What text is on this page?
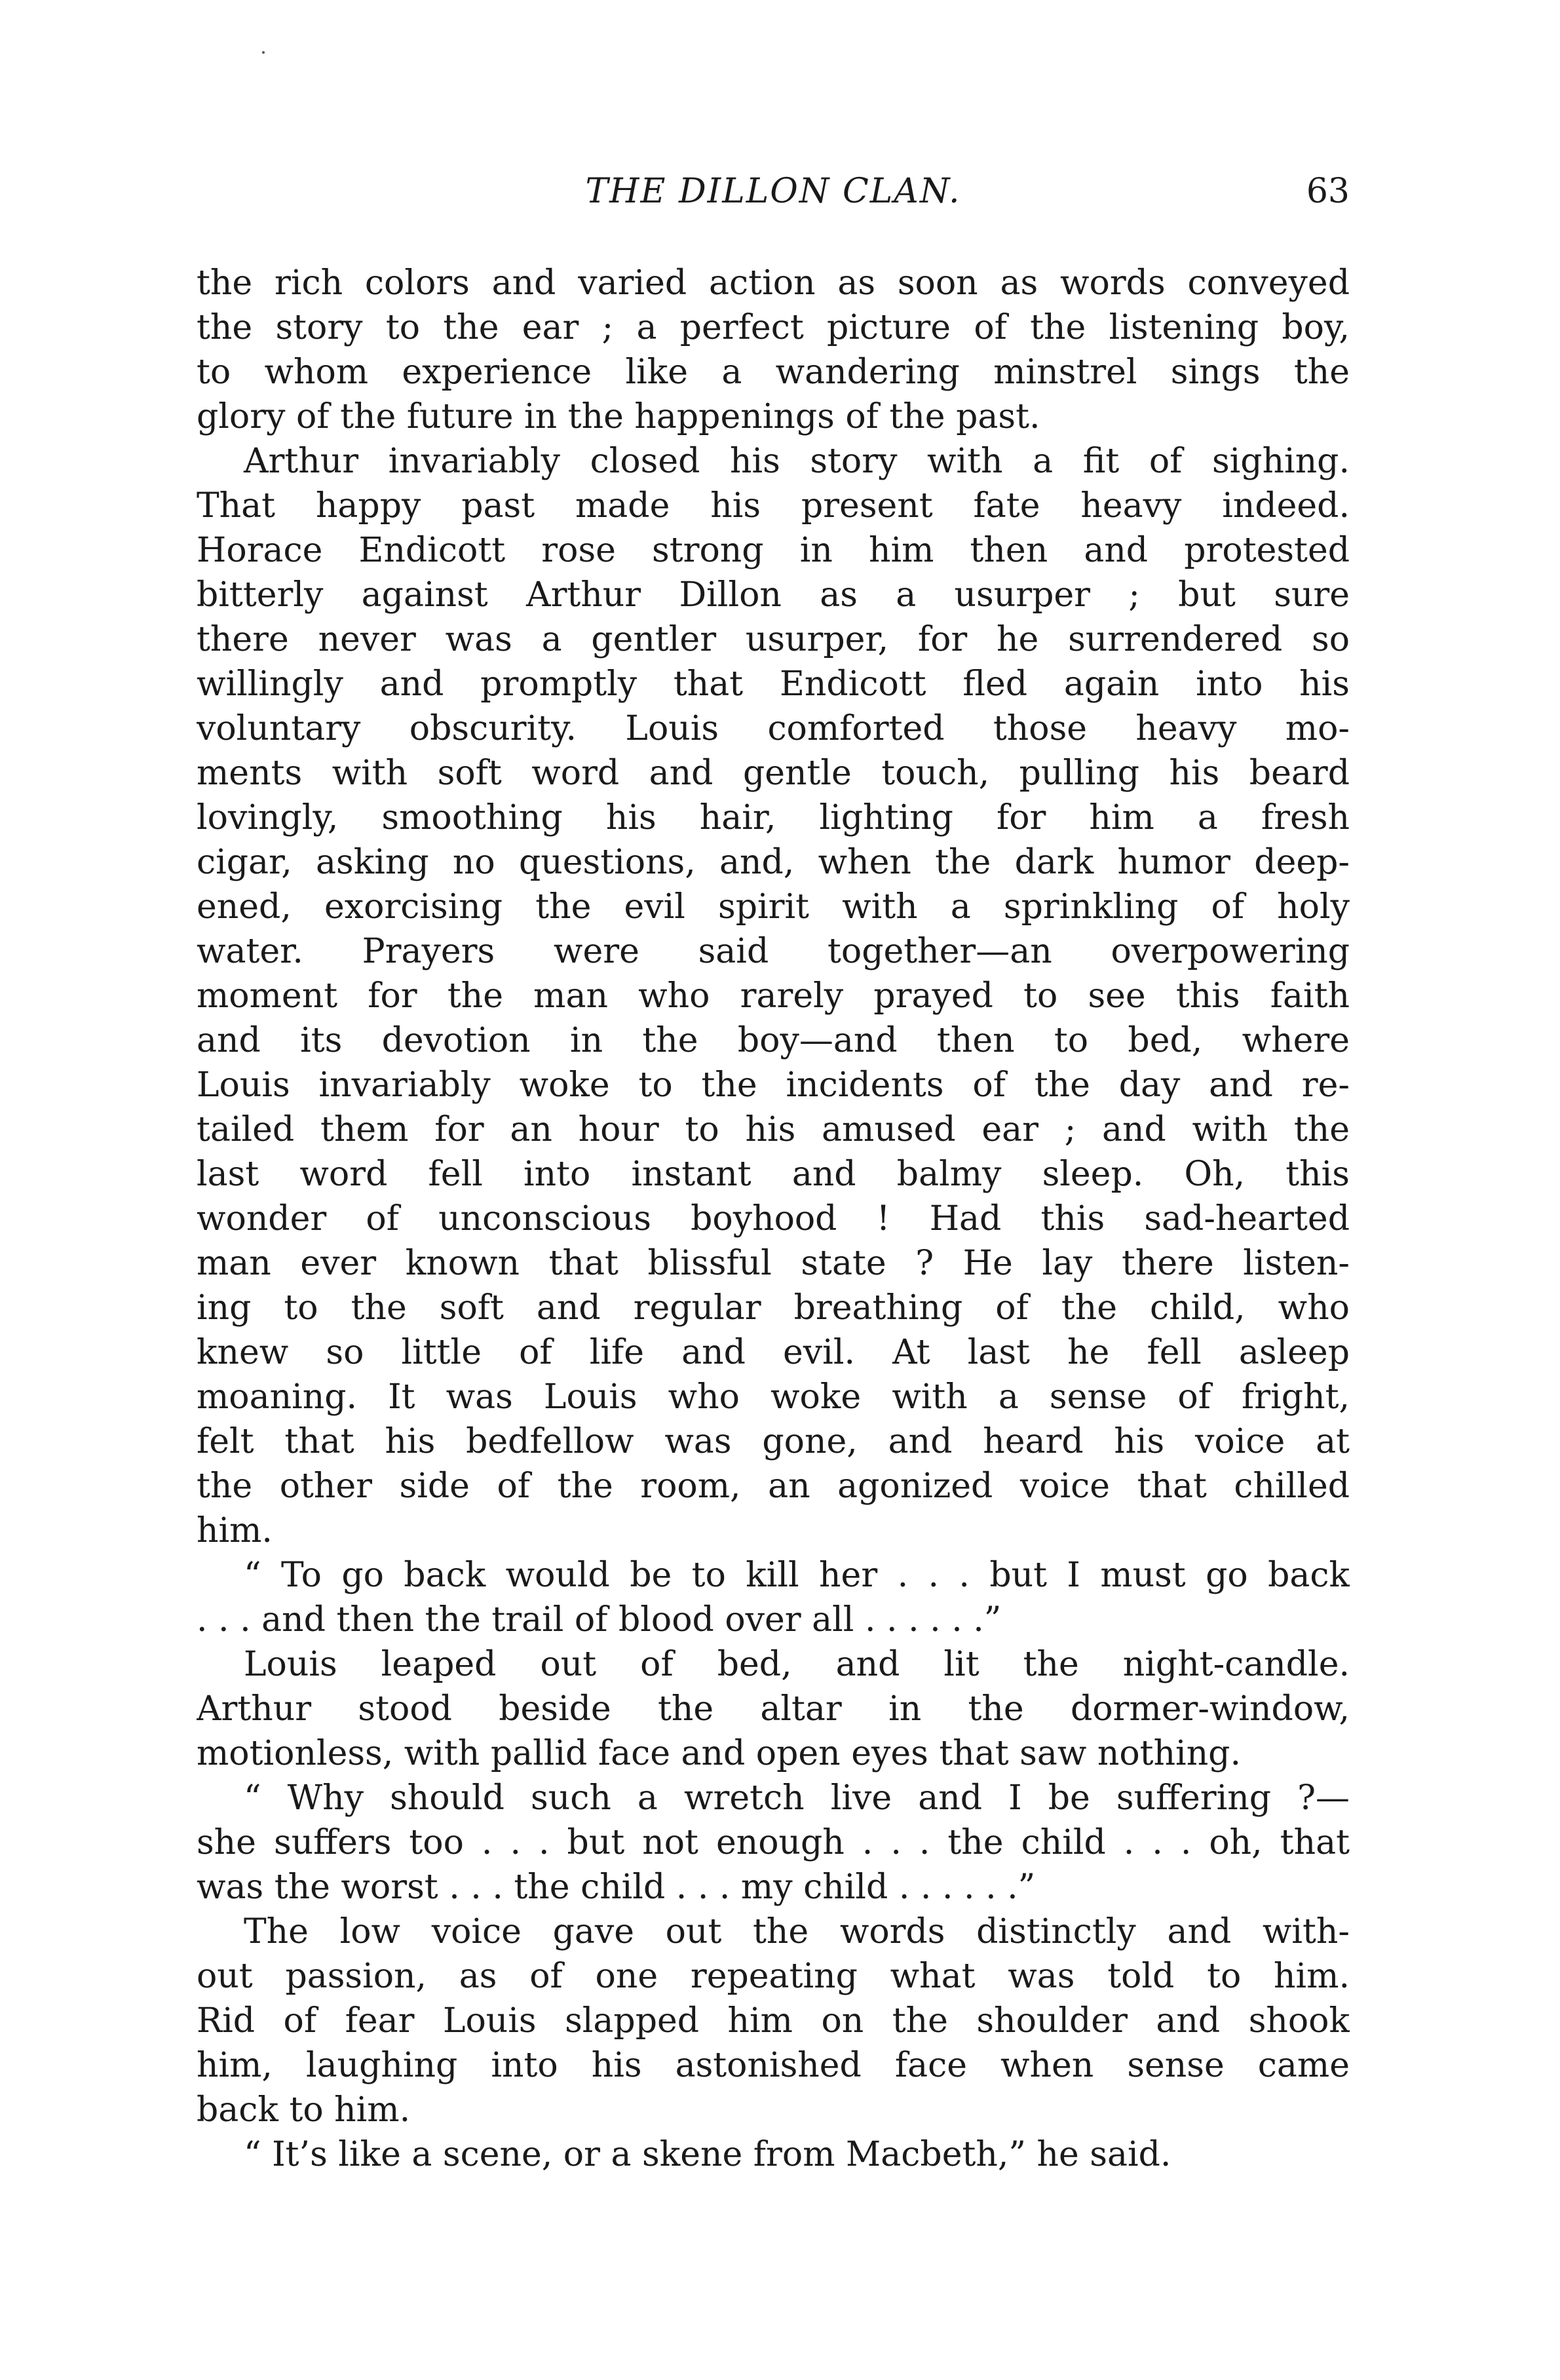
THE DILLON CLAN.	63
the rich colors and varied action as soon as words conveyed
the story to the ear ; a perfect picture of the listening boy,
to whom experience like a wandering minstrel sings the
glory of the future in the happenings of the past.
Arthur invariably closed his story with a fit of sighing.
That happy past made his present fate heavy indeed.
Horace Endicott rose strong in him then and protested
bitterly against Arthur Dillon as a usurper ; but sure
there never was a gentler usurper, for he surrendered so
willingly and promptly that Endicott fled again into his
voluntary obscurity. Louis comforted those heavy mo-
ments with soft word and gentle touch, pulling his beard
lovingly, smoothing his hair, lighting for him a fresh
cigar, asking no questions, and, when the dark humor deep-
ened, exorcising the evil spirit with a sprinkling of holy
water. Prayers were said together—an overpowering
moment for the man who rarely prayed to see this faith
and its devotion in the boy—and then to bed, where
Louis invariably woke to the incidents of the day and re-
tailed them for an hour to his amused ear ; and with the
last word fell into instant and balmy sleep. Oh, this
wonder of unconscious boyhood ! Had this sad-hearted
man ever known that blissful state ? He lay there listen-
ing to the soft and regular breathing of the child, who
knew so little of life and evil. At last he fell asleep
moaning. It was Louis who woke with a sense of fright,
felt that his bedfellow was gone, and heard his voice at
the other side of the room, an agonized voice that chilled
him.
“ To go back would be to kill her . . . but I must go back
. . . and then the trail of blood over all . . . . . .”
Louis leaped out of bed, and lit the night-candle.
Arthur stood beside the altar in the dormer-window,
motionless, with pallid face and open eyes that saw nothing.
“ Why should such a wretch live and I be suffering ?—
she suffers too . . . but not enough . . . the child . . . oh, that
was the worst . . . the child . . . my child . . . . . .”
The low voice gave out the words distinctly and with-
out passion, as of one repeating what was told to him.
Rid of fear Louis slapped him on the shoulder and shook
him, laughing into his astonished face when sense came
back to him.
“ It’s like a scene, or a skene from Macbeth,” he said.
